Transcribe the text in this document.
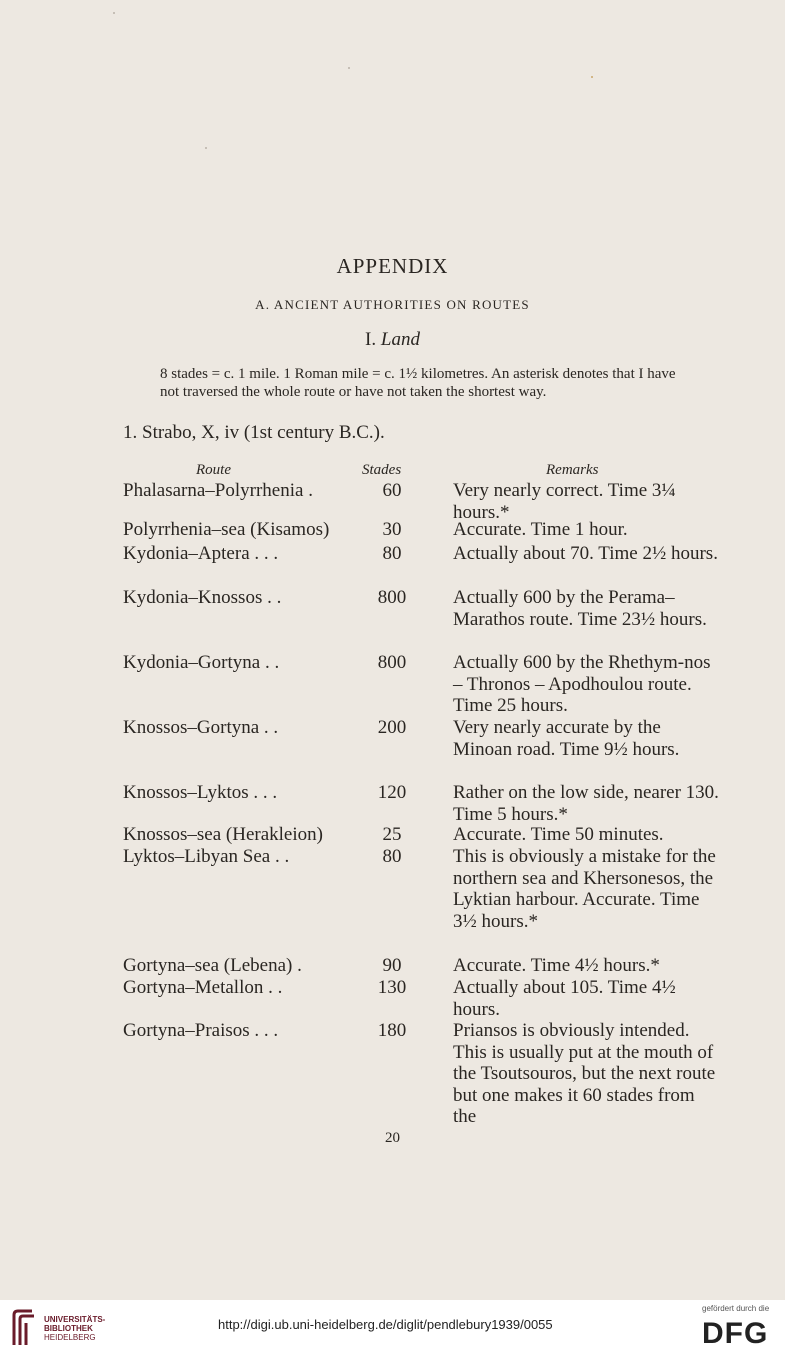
APPENDIX
A. ANCIENT AUTHORITIES ON ROUTES
I. Land
8 stades = c. 1 mile. 1 Roman mile = c. 1½ kilometres. An asterisk denotes that I have not traversed the whole route or have not taken the shortest way.
1. Strabo, X, iv (1st century B.C.).
Route	Stades	Remarks
Phalasarna–Polyrrhenia .	60	Very nearly correct. Time 3¼ hours.*
Polyrrhenia–sea (Kisamos)	30	Accurate. Time 1 hour.
Kydonia–Aptera . . .	80	Actually about 70. Time 2½ hours.
Kydonia–Knossos . .	800	Actually 600 by the Perama–Marathos route. Time 23½ hours.
Kydonia–Gortyna . .	800	Actually 600 by the Rhethym-nos – Thronos – Apodhoulou route. Time 25 hours.
Knossos–Gortyna . .	200	Very nearly accurate by the Minoan road. Time 9½ hours.
Knossos–Lyktos . . .	120	Rather on the low side, nearer 130. Time 5 hours.*
Knossos–sea (Herakleion)	25	Accurate. Time 50 minutes.
Lyktos–Libyan Sea . .	80	This is obviously a mistake for the northern sea and Khersonesos, the Lyktian harbour. Accurate. Time 3½ hours.*
Gortyna–sea (Lebena) .	90	Accurate. Time 4½ hours.*
Gortyna–Metallon . .	130	Actually about 105. Time 4½ hours.
Gortyna–Praisos . . .	180	Priansos is obviously intended. This is usually put at the mouth of the Tsoutsouros, but the next route but one makes it 60 stades from the
20
UNIVERSITÄTS-
BIBLIOTHEK
HEIDELBERG
http://digi.ub.uni-heidelberg.de/diglit/pendlebury1939/0055
gefördert durch die
DFG
